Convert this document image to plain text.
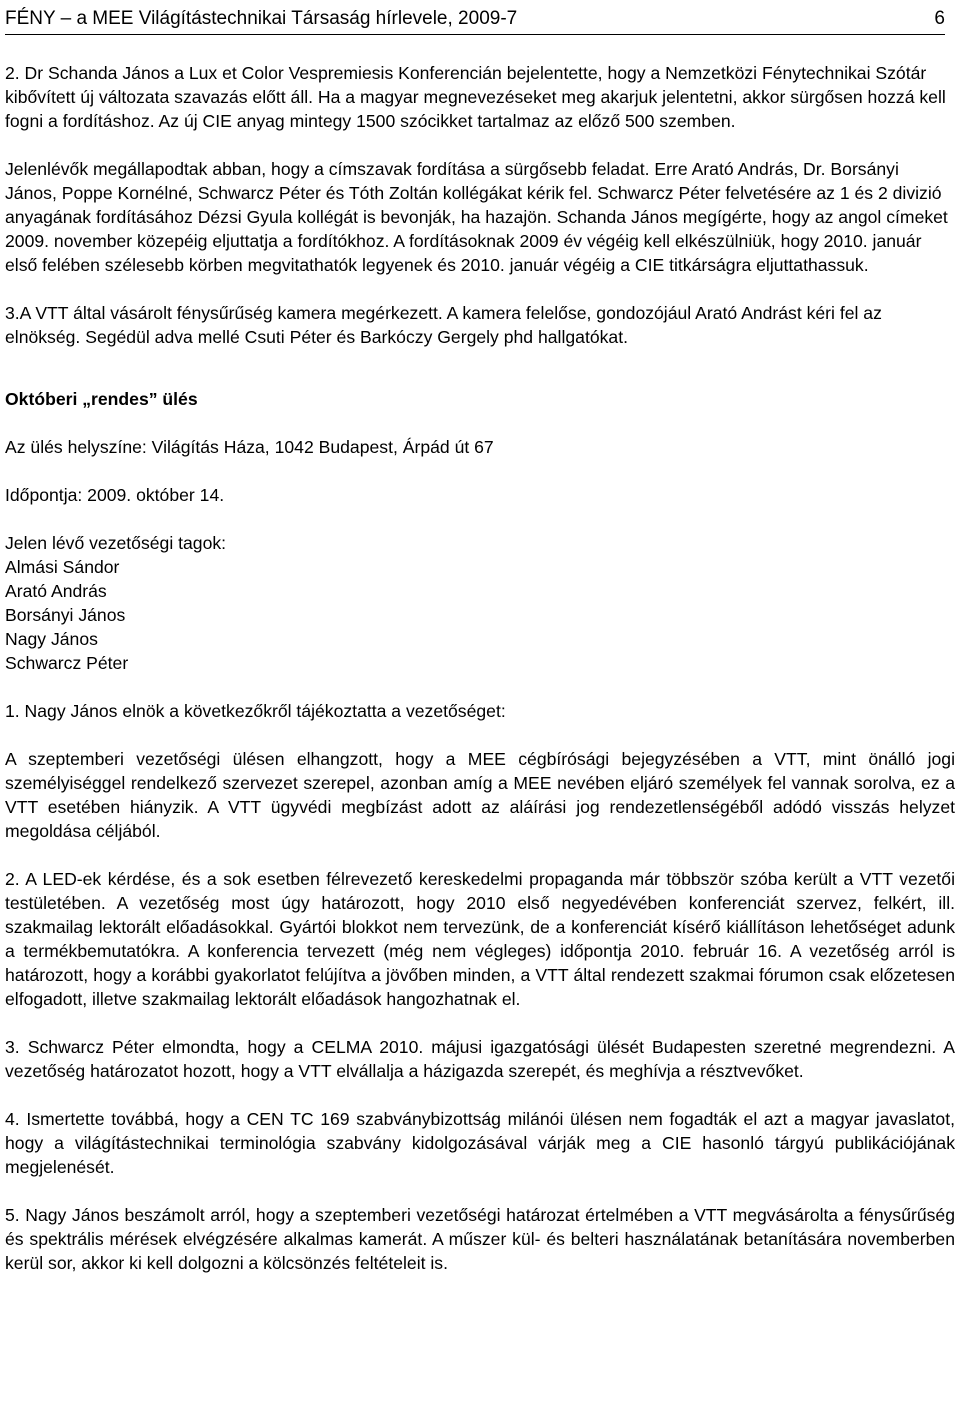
FÉNY – a MEE Világítástechnikai Társaság hírlevele, 2009-7	6

2. Dr Schanda János a Lux et Color Vespremiesis Konferencián bejelentette, hogy a Nemzetközi Fénytechnikai Szótár kibővített új változata szavazás előtt áll. Ha a magyar megnevezéseket meg akarjuk jelentetni, akkor sürgősen hozzá kell fogni a fordításhoz. Az új CIE anyag mintegy 1500 szócikket tartalmaz az előző 500 szemben.

Jelenlévők megállapodtak abban, hogy a címszavak fordítása a sürgősebb feladat. Erre Arató András, Dr. Borsányi János, Poppe Kornélné, Schwarcz Péter és Tóth Zoltán kollégákat kérik fel. Schwarcz Péter felvetésére az 1 és 2 divizió anyagának fordításához Dézsi Gyula kollégát is bevonják, ha hazajön. Schanda János megígérte, hogy az angol címeket 2009. november közepéig eljuttatja a fordítókhoz. A fordításoknak 2009 év végéig kell elkészülniük, hogy 2010. január első felében szélesebb körben megvitathatók legyenek és 2010. január végéig a CIE titkárságra eljuttathassuk.

3.A VTT által vásárolt fénysűrűség kamera megérkezett. A kamera felelőse, gondozójául Arató Andrást kéri fel az elnökség. Segédül adva mellé Csuti Péter és Barkóczy Gergely phd hallgatókat.

Októberi „rendes” ülés

Az ülés helyszíne: Világítás Háza, 1042 Budapest, Árpád út 67

Időpontja: 2009. október 14.

Jelen lévő vezetőségi tagok:
Almási Sándor
Arató András
Borsányi János
Nagy János
Schwarcz Péter

1. Nagy János elnök a következőkről tájékoztatta a vezetőséget:

A szeptemberi vezetőségi ülésen elhangzott, hogy a MEE cégbírósági bejegyzésében a VTT, mint önálló jogi személyiséggel rendelkező szervezet szerepel, azonban amíg a MEE nevében eljáró személyek fel vannak sorolva, ez a VTT esetében hiányzik. A VTT ügyvédi megbízást adott az aláírási jog rendezetlenségéből adódó visszás helyzet megoldása céljából.

2. A LED-ek kérdése, és a sok esetben félrevezető kereskedelmi propaganda már többször szóba került a VTT vezetői testületében. A vezetőség most úgy határozott, hogy 2010 első negyedévében konferenciát szervez, felkért, ill. szakmailag lektorált előadásokkal. Gyártói blokkot nem tervezünk, de a konferenciát kísérő kiállításon lehetőséget adunk a termékbemutatókra. A konferencia tervezett (még nem végleges) időpontja 2010. február 16. A vezetőség arról is határozott, hogy a korábbi gyakorlatot felújítva a jövőben minden, a VTT által rendezett szakmai fórumon csak előzetesen elfogadott, illetve szakmailag lektorált előadások hangozhatnak el.

3. Schwarcz Péter elmondta, hogy a CELMA 2010. májusi igazgatósági ülését Budapesten szeretné megrendezni. A vezetőség határozatot hozott, hogy a VTT elvállalja a házigazda szerepét, és meghívja a résztvevőket.

4. Ismertette továbbá, hogy a CEN TC 169 szabványbizottság milánói ülésen nem fogadták el azt a magyar javaslatot, hogy a világítástechnikai terminológia szabvány kidolgozásával várják meg a CIE hasonló tárgyú publikációjának megjelenését.

5. Nagy János beszámolt arról, hogy a szeptemberi vezetőségi határozat értelmében a VTT megvásárolta a fénysűrűség és spektrális mérések elvégzésére alkalmas kamerát. A műszer kül- és belteri használatának betanítására novemberben kerül sor, akkor ki kell dolgozni a kölcsönzés feltételeit is.
